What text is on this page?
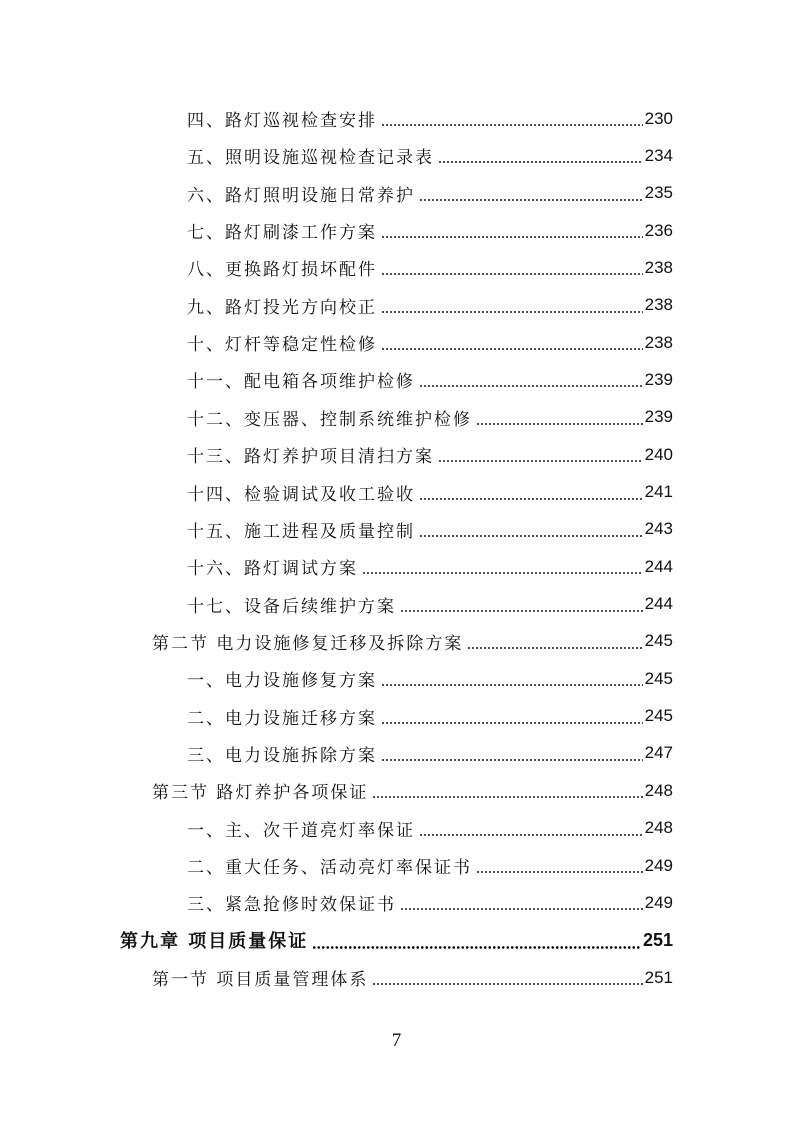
四、路灯巡视检查安排	230
五、照明设施巡视检查记录表	234
六、路灯照明设施日常养护	235
七、路灯刷漆工作方案	236
八、更换路灯损坏配件	238
九、路灯投光方向校正	238
十、灯杆等稳定性检修	238
十一、配电箱各项维护检修	239
十二、变压器、控制系统维护检修	239
十三、路灯养护项目清扫方案	240
十四、检验调试及收工验收	241
十五、施工进程及质量控制	243
十六、路灯调试方案	244
十七、设备后续维护方案	244
第二节 电力设施修复迁移及拆除方案	245
一、电力设施修复方案	245
二、电力设施迁移方案	245
三、电力设施拆除方案	247
第三节 路灯养护各项保证	248
一、主、次干道亮灯率保证	248
二、重大任务、活动亮灯率保证书	249
三、紧急抢修时效保证书	249
第九章 项目质量保证	251
第一节 项目质量管理体系	251
7
